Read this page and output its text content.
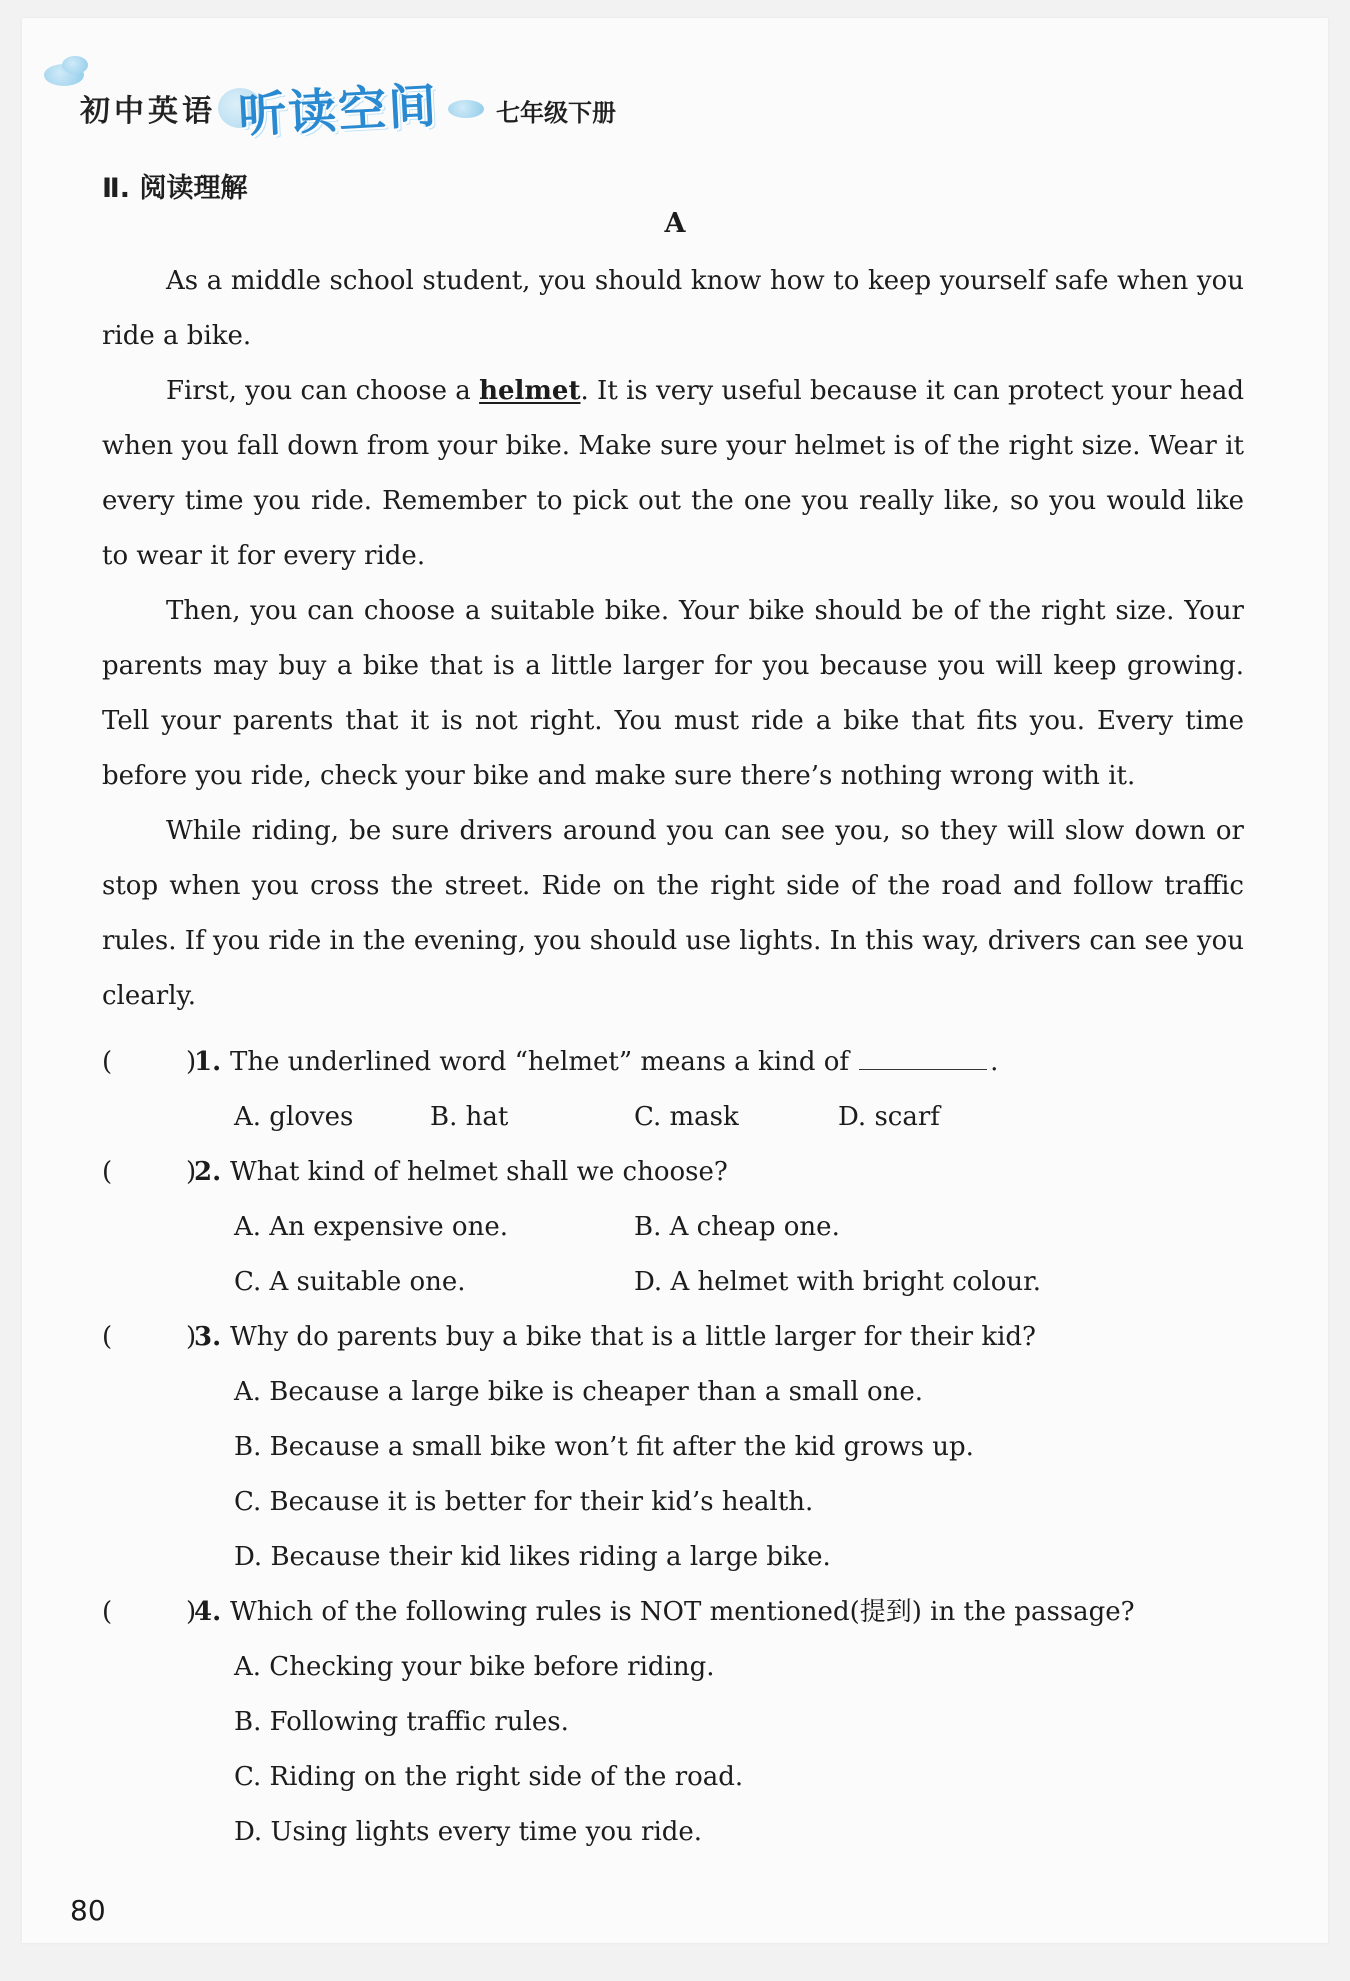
初中英语 听读空间 七年级下册
Ⅱ. 阅读理解
A

As a middle school student, you should know how to keep yourself safe when you ride a bike.

First, you can choose a helmet. It is very useful because it can protect your head when you fall down from your bike. Make sure your helmet is of the right size. Wear it every time you ride. Remember to pick out the one you really like, so you would like to wear it for every ride.

Then, you can choose a suitable bike. Your bike should be of the right size. Your parents may buy a bike that is a little larger for you because you will keep growing. Tell your parents that it is not right. You must ride a bike that fits you. Every time before you ride, check your bike and make sure there’s nothing wrong with it.

While riding, be sure drivers around you can see you, so they will slow down or stop when you cross the street. Ride on the right side of the road and follow traffic rules. If you ride in the evening, you should use lights. In this way, drivers can see you clearly.

(	)
1. The underlined word “helmet” means a kind of	.
A. gloves	B. hat	C. mask	D. scarf
(	)
2. What kind of helmet shall we choose?
A. An expensive one.	B. A cheap one.
C. A suitable one.	D. A helmet with bright colour.
(	)
3. Why do parents buy a bike that is a little larger for their kid?
A. Because a large bike is cheaper than a small one.
B. Because a small bike won’t fit after the kid grows up.
C. Because it is better for their kid’s health.
D. Because their kid likes riding a large bike.
(	)
4. Which of the following rules is NOT mentioned(提到) in the passage?
A. Checking your bike before riding.
B. Following traffic rules.
C. Riding on the right side of the road.
D. Using lights every time you ride.
80
